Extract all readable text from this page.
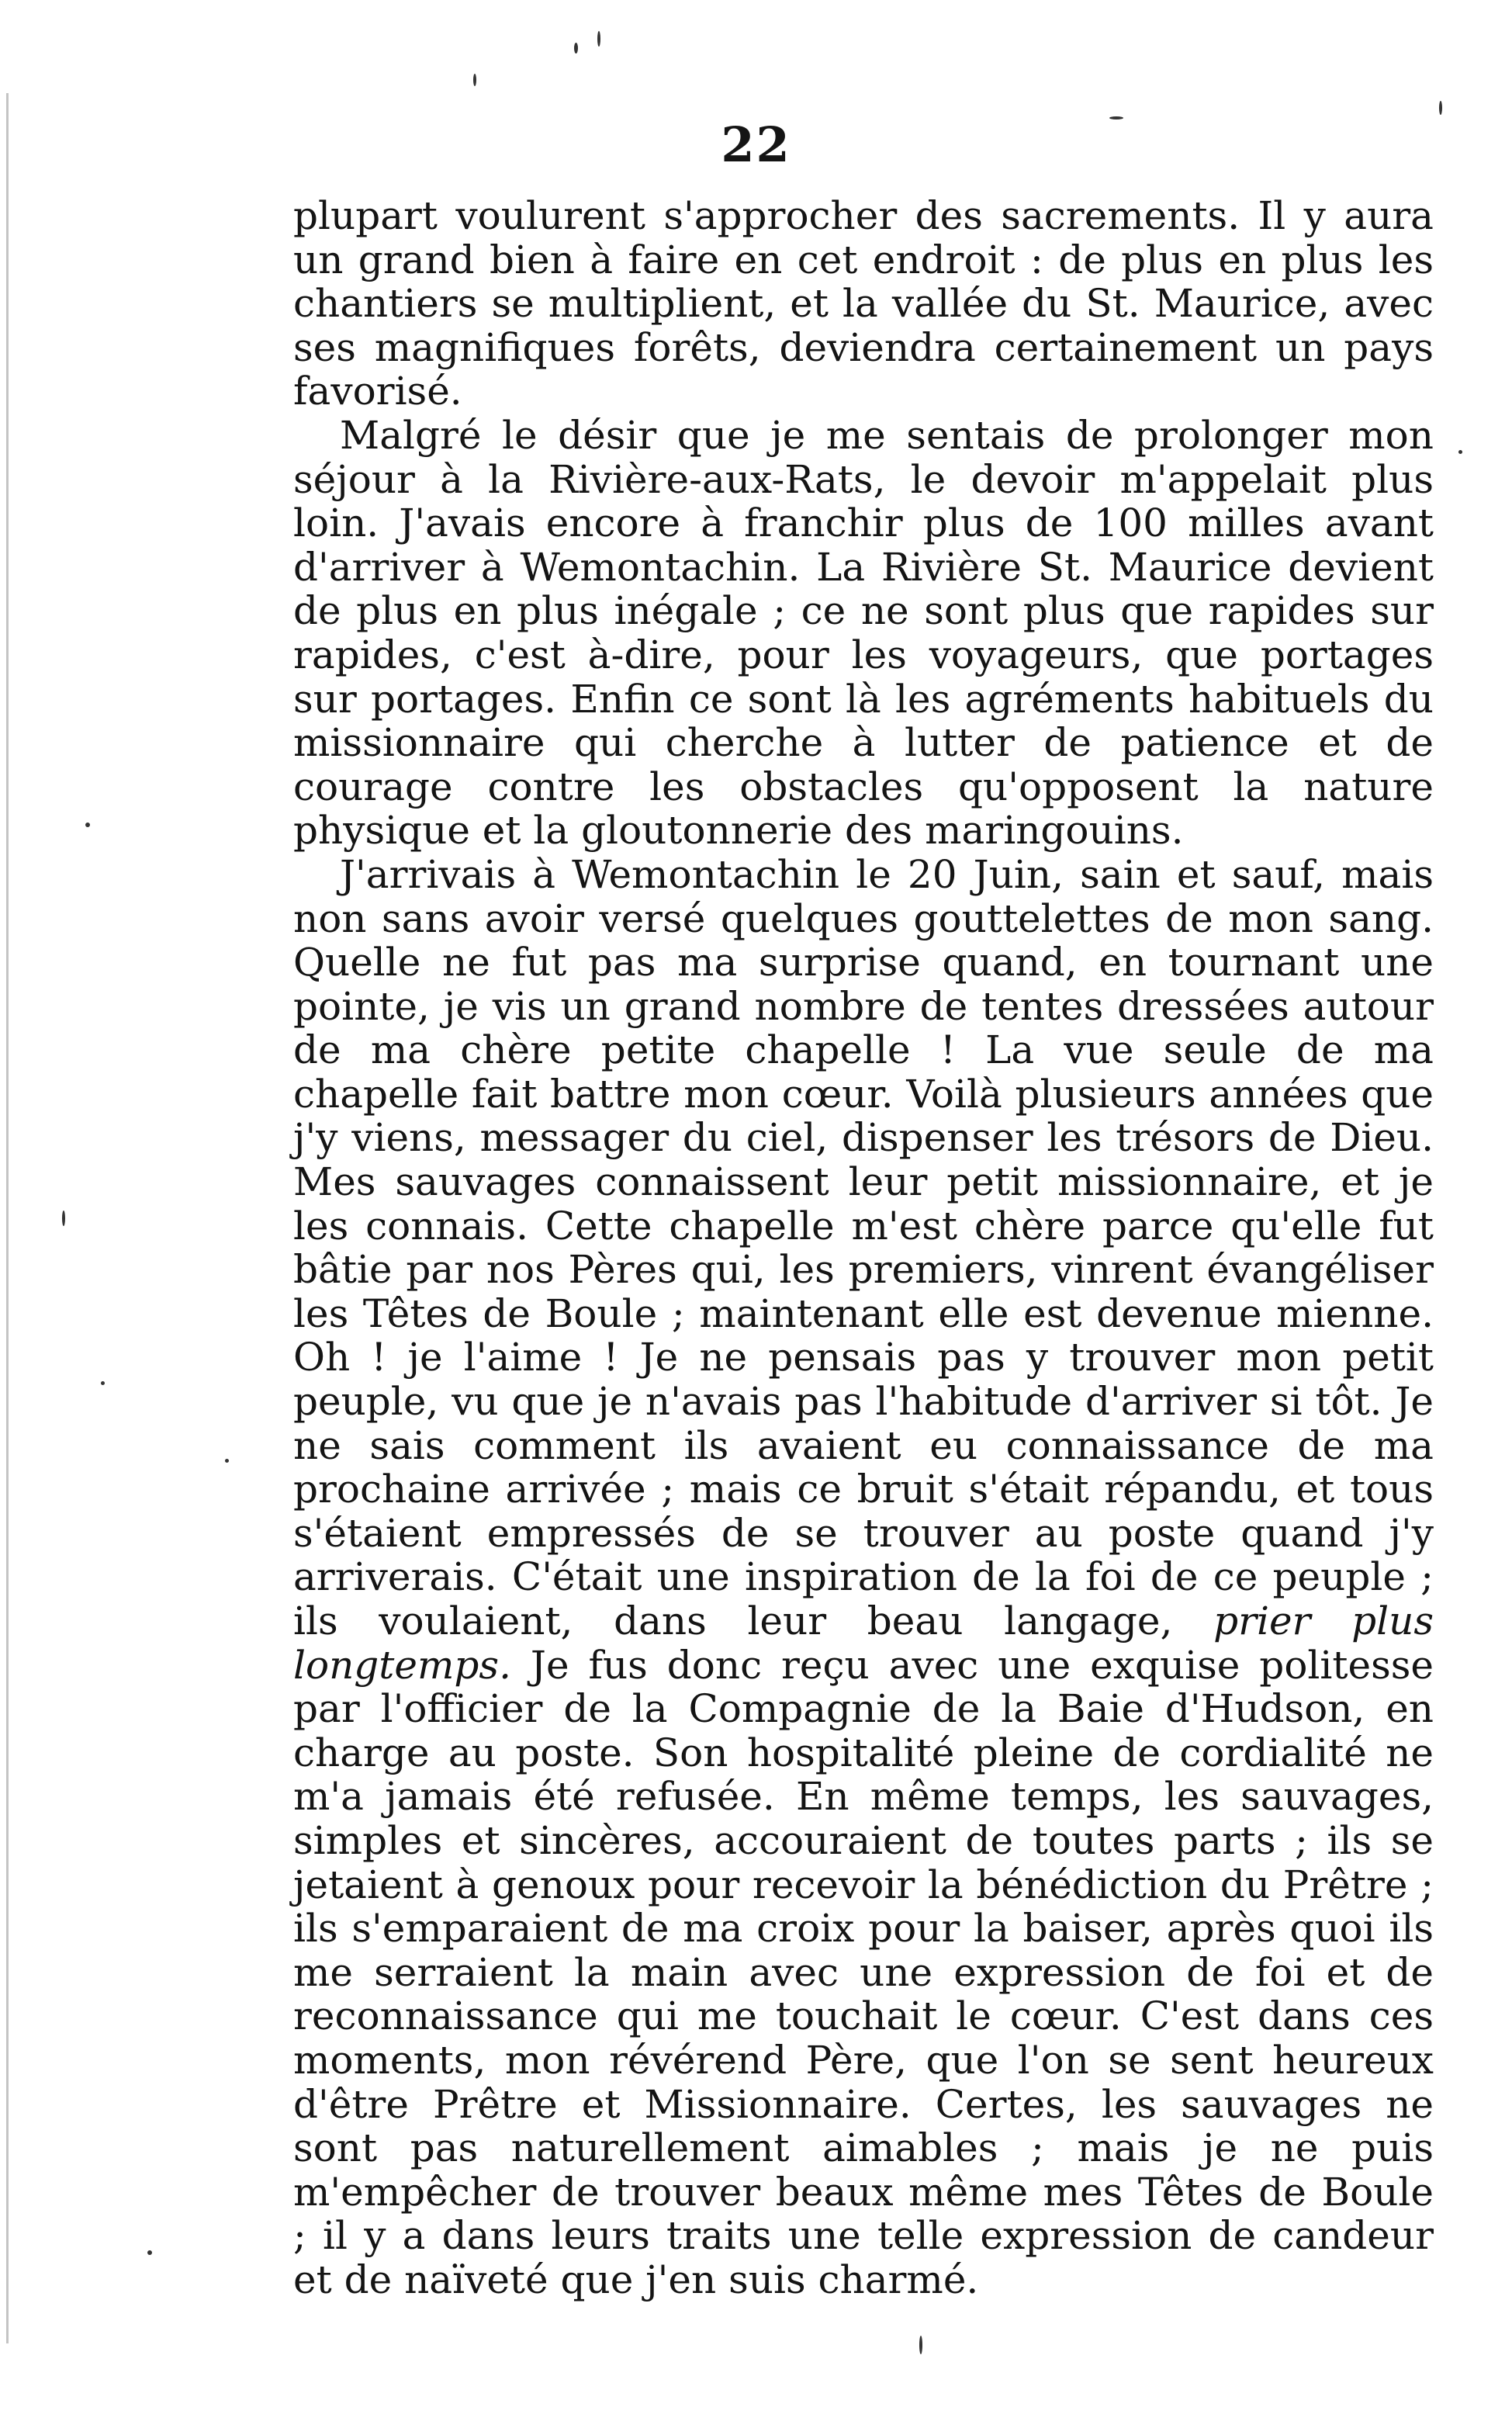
22

plupart voulurent s'approcher des sacrements. Il y aura un grand bien à faire en cet endroit : de plus en plus les chantiers se multiplient, et la vallée du St. Maurice, avec ses magnifiques forêts, deviendra certainement un pays favorisé.

Malgré le désir que je me sentais de prolonger mon séjour à la Rivière-aux-Rats, le devoir m'appelait plus loin. J'avais encore à franchir plus de 100 milles avant d'arriver à Wemontachin. La Rivière St. Maurice devient de plus en plus inégale ; ce ne sont plus que rapides sur rapides, c'est à-dire, pour les voyageurs, que portages sur portages. Enfin ce sont là les agréments habituels du missionnaire qui cherche à lutter de patience et de courage contre les obstacles qu'opposent la nature physique et la gloutonnerie des maringouins.

J'arrivais à Wemontachin le 20 Juin, sain et sauf, mais non sans avoir versé quelques gouttelettes de mon sang. Quelle ne fut pas ma surprise quand, en tournant une pointe, je vis un grand nombre de tentes dressées autour de ma chère petite chapelle ! La vue seule de ma chapelle fait battre mon cœur. Voilà plusieurs années que j'y viens, messager du ciel, dispenser les trésors de Dieu. Mes sauvages connaissent leur petit missionnaire, et je les connais. Cette chapelle m'est chère parce qu'elle fut bâtie par nos Pères qui, les premiers, vinrent évangéliser les Têtes de Boule ; maintenant elle est devenue mienne. Oh ! je l'aime ! Je ne pensais pas y trouver mon petit peuple, vu que je n'avais pas l'habitude d'arriver si tôt. Je ne sais comment ils avaient eu connaissance de ma prochaine arrivée ; mais ce bruit s'était répandu, et tous s'étaient empressés de se trouver au poste quand j'y arriverais. C'était une inspiration de la foi de ce peuple ; ils voulaient, dans leur beau langage, prier plus longtemps. Je fus donc reçu avec une exquise politesse par l'officier de la Compagnie de la Baie d'Hudson, en charge au poste. Son hospitalité pleine de cordialité ne m'a jamais été refusée. En même temps, les sauvages, simples et sincères, accouraient de toutes parts ; ils se jetaient à genoux pour recevoir la bénédiction du Prêtre ; ils s'emparaient de ma croix pour la baiser, après quoi ils me serraient la main avec une expression de foi et de reconnaissance qui me touchait le cœur. C'est dans ces moments, mon révérend Père, que l'on se sent heureux d'être Prêtre et Missionnaire. Certes, les sauvages ne sont pas naturellement aimables ; mais je ne puis m'empêcher de trouver beaux même mes Têtes de Boule ; il y a dans leurs traits une telle expression de candeur et de naïveté que j'en suis charmé.
